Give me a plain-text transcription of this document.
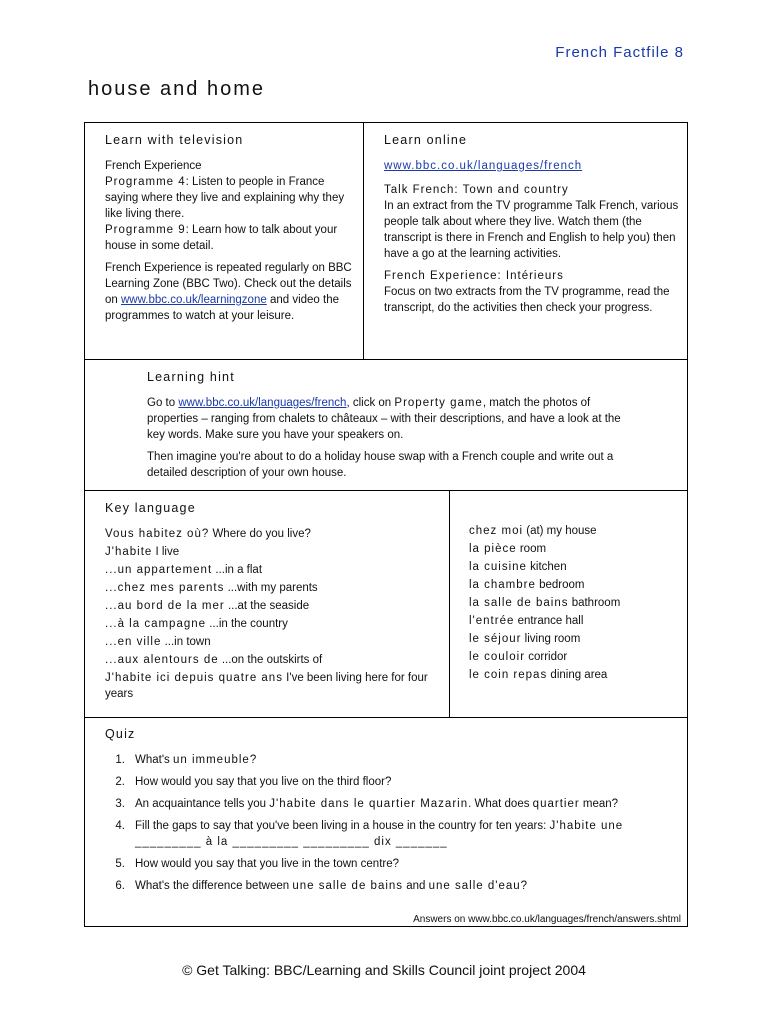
French Factfile 8
house and home
Learn with television

French Experience
Programme 4: Listen to people in France saying where they live and explaining why they like living there.
Programme 9: Learn how to talk about your house in some detail.

French Experience is repeated regularly on BBC Learning Zone (BBC Two). Check out the details on www.bbc.co.uk/learningzone and video the programmes to watch at your leisure.

Learn online

www.bbc.co.uk/languages/french

Talk French: Town and country
In an extract from the TV programme Talk French, various people talk about where they live. Watch them (the transcript is there in French and English to help you) then have a go at the learning activities.

French Experience: Intérieurs
Focus on two extracts from the TV programme, read the transcript, do the activities then check your progress.

Learning hint

Go to www.bbc.co.uk/languages/french, click on Property game, match the photos of properties – ranging from chalets to châteaux – with their descriptions, and have a look at the key words. Make sure you have your speakers on.

Then imagine you're about to do a holiday house swap with a French couple and write out a detailed description of your own house.

Key language
Vous habitez où? Where do you live?
J'habite I live
...un appartement ...in a flat
...chez mes parents ...with my parents
...au bord de la mer ...at the seaside
...à la campagne ...in the country
...en ville ...in town
...aux alentours de ...on the outskirts of
J'habite ici depuis quatre ans I've been living here for four years
chez moi (at) my house
la pièce room
la cuisine kitchen
la chambre bedroom
la salle de bains bathroom
l'entrée entrance hall
le séjour living room
le couloir corridor
le coin repas dining area
Quiz
1. What's un immeuble?
2. How would you say that you live on the third floor?
3. An acquaintance tells you J'habite dans le quartier Mazarin. What does quartier mean?
4. Fill the gaps to say that you've been living in a house in the country for ten years: J'habite une _________ à la _________ _________ dix _______
5. How would you say that you live in the town centre?
6. What's the difference between une salle de bains and une salle d'eau?
Answers on www.bbc.co.uk/languages/french/answers.shtml
© Get Talking: BBC/Learning and Skills Council joint project 2004
